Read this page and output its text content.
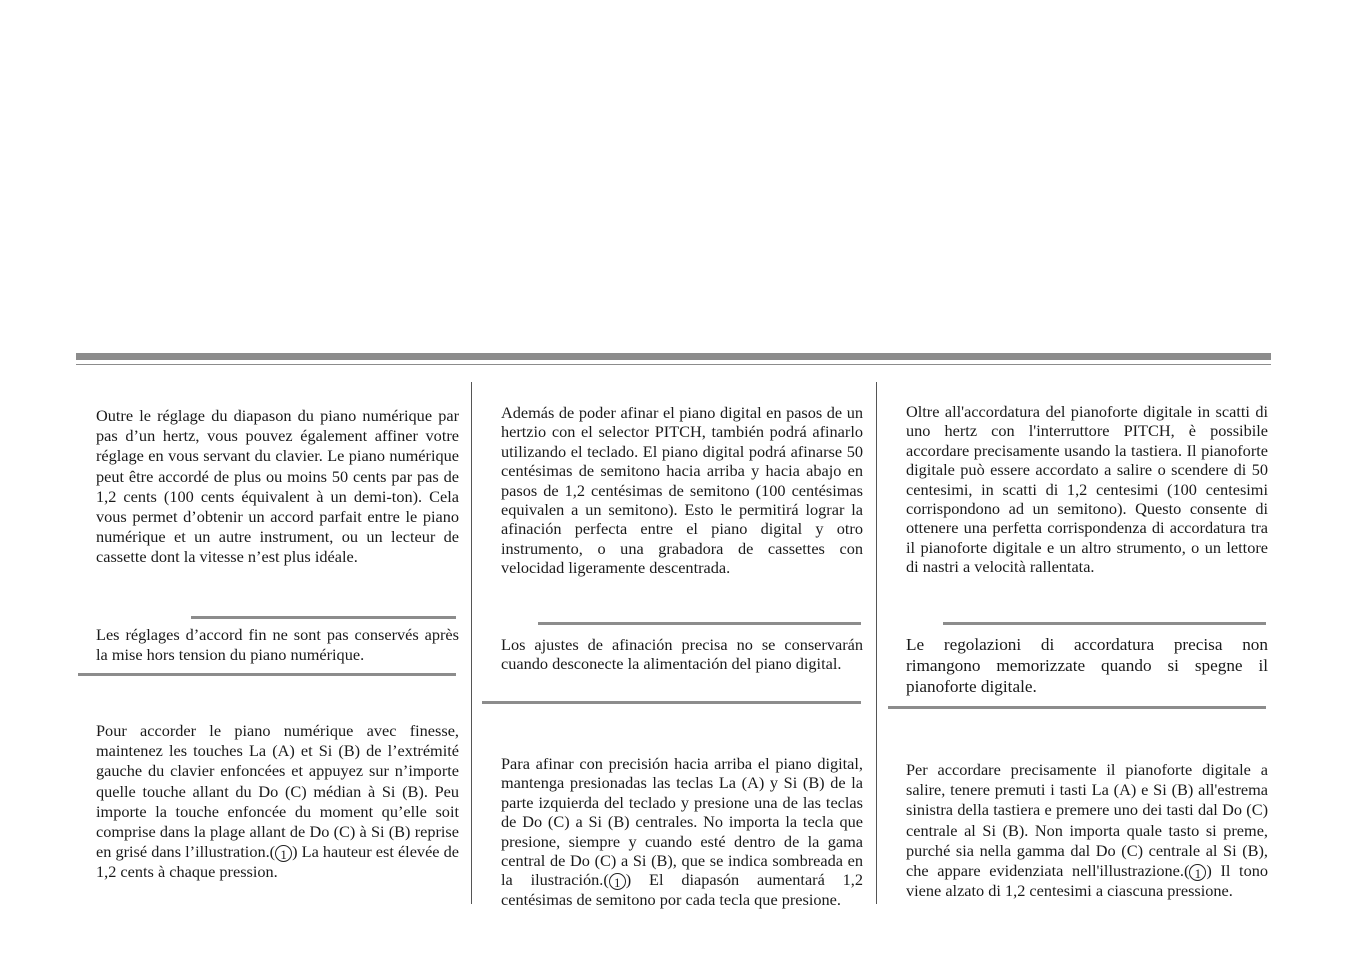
Outre le réglage du diapason du piano numérique par pas d’un hertz, vous pouvez également affiner votre réglage en vous servant du clavier. Le piano numérique peut être accordé de plus ou moins 50 cents par pas de 1,2 cents (100 cents équivalent à un demi-ton). Cela vous permet d’obtenir un accord parfait entre le piano numérique et un autre instrument, ou un lecteur de cassette dont la vitesse n’est plus idéale.

Les réglages d’accord fin ne sont pas conservés après la mise hors tension du piano numérique.

Pour accorder le piano numérique avec finesse, maintenez les touches La (A) et Si (B) de l’extrémité gauche du clavier enfoncées et appuyez sur n’importe quelle touche allant du Do (C) médian à Si (B). Peu importe la touche enfoncée du moment qu’elle soit comprise dans la plage allant de Do (C) à Si (B) reprise en grisé dans l’illustration.( 1 ) La hauteur est élevée de 1,2 cents à chaque pression.

Además de poder afinar el piano digital en pasos de un hertzio con el selector PITCH, también podrá afinarlo utilizando el teclado. El piano digital podrá afinarse 50 centésimas de semitono hacia arriba y hacia abajo en pasos de 1,2 centésimas de semitono (100 centésimas equivalen a un semitono). Esto le permitirá lograr la afinación perfecta entre el piano digital y otro instrumento, o una grabadora de cassettes con velocidad ligeramente descentrada.

Los ajustes de afinación precisa no se conservarán cuando desconecte la alimentación del piano digital.

Para afinar con precisión hacia arriba el piano digital, mantenga presionadas las teclas La (A) y Si (B) de la parte izquierda del teclado y presione una de las teclas de Do (C) a Si (B) centrales. No importa la tecla que presione, siempre y cuando esté dentro de la gama central de Do (C) a Si (B), que se indica sombreada en la ilustración.( 1 ) El diapasón aumentará 1,2 centésimas de semitono por cada tecla que presione.

Oltre all'accordatura del pianoforte digitale in scatti di uno hertz con l'interruttore PITCH, è possibile accordare precisamente usando la tastiera. Il pianoforte digitale può essere accordato a salire o scendere di 50 centesimi, in scatti di 1,2 centesimi (100 centesimi corrispondono ad un semitono). Questo consente di ottenere una perfetta corrispondenza di accordatura tra il pianoforte digitale e un altro strumento, o un lettore di nastri a velocità rallentata.

Le regolazioni di accordatura precisa non rimangono memorizzate quando si spegne il pianoforte digitale.

Per accordare precisamente il pianoforte digitale a salire, tenere premuti i tasti La (A) e Si (B) all'estrema sinistra della tastiera e premere uno dei tasti dal Do (C) centrale al Si (B). Non importa quale tasto si preme, purché sia nella gamma dal Do (C) centrale al Si (B), che appare evidenziata nell'illustrazione.( 1 ) Il tono viene alzato di 1,2 centesimi a ciascuna pressione.
